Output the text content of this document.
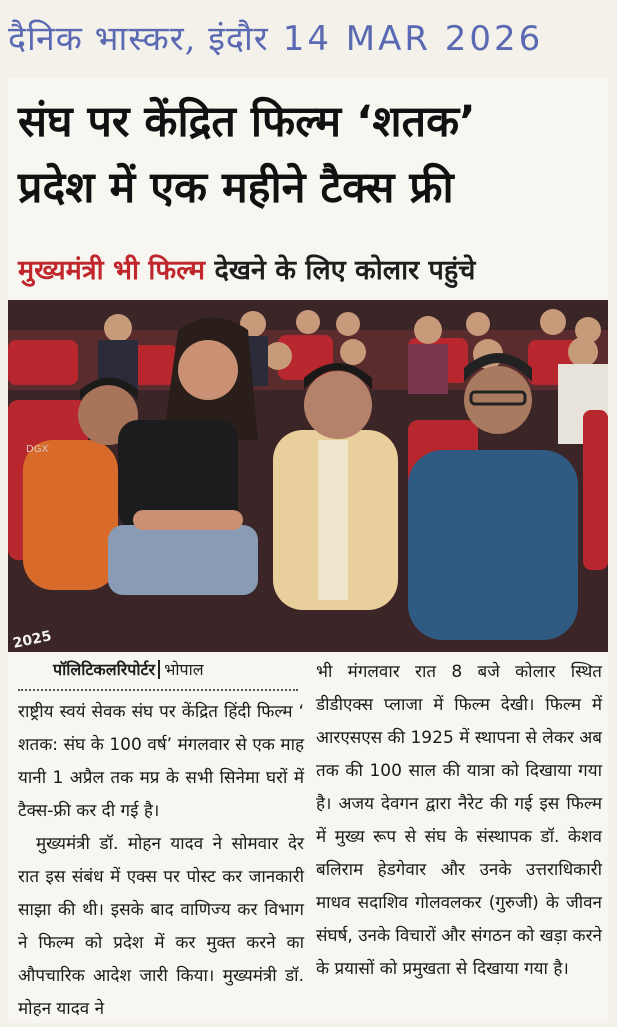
दैनिक भास्कर, इंदौर 14 MAR 2026
संघ पर केंद्रित फिल्म ‘शतक’
प्रदेश में एक महीने टैक्स फ्री
मुख्यमंत्री भी फिल्म देखने के लिए कोलार पहुंचे
2025
DGX
पॉलिटिकलरिपोर्टर भोपाल

राष्ट्रीय स्वयं सेवक संघ पर केंद्रित हिंदी फिल्म ‘ शतक: संघ के 100 वर्ष’ मंगलवार से एक माह यानी 1 अप्रैल तक मप्र के सभी सिनेमा घरों में टैक्स-फ्री कर दी गई है।

मुख्यमंत्री डॉ. मोहन यादव ने सोमवार देर रात इस संबंध में एक्स पर पोस्ट कर जानकारी साझा की थी। इसके बाद वाणिज्य कर विभाग ने फिल्म को प्रदेश में कर मुक्त करने का औपचारिक आदेश जारी किया। मुख्यमंत्री डॉ. मोहन यादव ने

भी मंगलवार रात 8 बजे कोलार स्थित डीडीएक्स प्लाजा में फिल्म देखी। फिल्म में आरएसएस की 1925 में स्थापना से लेकर अब तक की 100 साल की यात्रा को दिखाया गया है। अजय देवगन द्वारा नैरेट की गई इस फिल्म में मुख्य रूप से संघ के संस्थापक डॉ. केशव बलिराम हेडगेवार और उनके उत्तराधिकारी माधव सदाशिव गोलवलकर (गुरुजी) के जीवन संघर्ष, उनके विचारों और संगठन को खड़ा करने के प्रयासों को प्रमुखता से दिखाया गया है।
